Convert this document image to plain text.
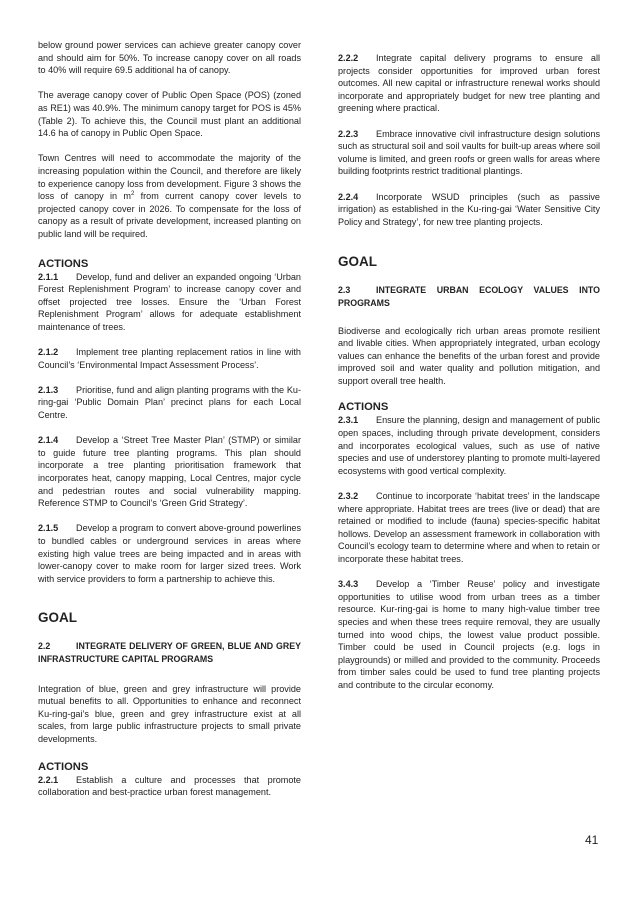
below ground power services can achieve greater canopy cover and should aim for 50%. To increase canopy cover on all roads to 40% will require 69.5 additional ha of canopy.

The average canopy cover of Public Open Space (POS) (zoned as RE1) was 40.9%. The minimum canopy target for POS is 45% (Table 2). To achieve this, the Council must plant an additional 14.6 ha of canopy in Public Open Space.

Town Centres will need to accommodate the majority of the increasing population within the Council, and therefore are likely to experience canopy loss from development. Figure 3 shows the loss of canopy in $m^2$ from current canopy cover levels to projected canopy cover in 2026. To compensate for the loss of canopy as a result of private development, increased planting on public land will be required.

ACTIONS

2.1.1 Develop, fund and deliver an expanded ongoing ‘Urban Forest Replenishment Program’ to increase canopy cover and offset projected tree losses. Ensure the ‘Urban Forest Replenishment Program’ allows for adequate establishment maintenance of trees.

2.1.2 Implement tree planting replacement ratios in line with Council’s ‘Environmental Impact Assessment Process’.

2.1.3 Prioritise, fund and align planting programs with the Ku-ring-gai ‘Public Domain Plan’ precinct plans for each Local Centre.

2.1.4 Develop a ‘Street Tree Master Plan’ (STMP) or similar to guide future tree planting programs. This plan should incorporate a tree planting prioritisation framework that incorporates heat, canopy mapping, Local Centres, major cycle and pedestrian routes and social vulnerability mapping. Reference STMP to Council’s ‘Green Grid Strategy’.

2.1.5 Develop a program to convert above-ground powerlines to bundled cables or underground services in areas where existing high value trees are being impacted and in areas with lower-canopy cover to make room for larger sized trees. Work with service providers to form a partnership to achieve this.

GOAL

2.2	INTEGRATE DELIVERY OF GREEN, BLUE AND GREY INFRASTRUCTURE CAPITAL PROGRAMS

Integration of blue, green and grey infrastructure will provide mutual benefits to all. Opportunities to enhance and reconnect Ku-ring-gai’s blue, green and grey infrastructure exist at all scales, from large public infrastructure projects to small private developments.

ACTIONS

2.2.1 Establish a culture and processes that promote collaboration and best-practice urban forest management.

2.2.2 Integrate capital delivery programs to ensure all projects consider opportunities for improved urban forest outcomes. All new capital or infrastructure renewal works should incorporate and appropriately budget for new tree planting and greening where practical.

2.2.3 Embrace innovative civil infrastructure design solutions such as structural soil and soil vaults for built-up areas where soil volume is limited, and green roofs or green walls for areas where building footprints restrict traditional plantings.

2.2.4 Incorporate WSUD principles (such as passive irrigation) as established in the Ku-ring-gai ‘Water Sensitive City Policy and Strategy’, for new tree planting projects.

GOAL

2.3	INTEGRATE URBAN ECOLOGY VALUES INTO PROGRAMS

Biodiverse and ecologically rich urban areas promote resilient and livable cities. When appropriately integrated, urban ecology values can enhance the benefits of the urban forest and provide improved soil and water quality and pollution mitigation, and support overall tree health.

ACTIONS

2.3.1 Ensure the planning, design and management of public open spaces, including through private development, considers and incorporates ecological values, such as use of native species and use of understorey planting to promote multi-layered ecosystems with good vertical complexity.

2.3.2 Continue to incorporate ‘habitat trees’ in the landscape where appropriate. Habitat trees are trees (live or dead) that are retained or modified to include (fauna) species-specific habitat hollows. Develop an assessment framework in collaboration with Council’s ecology team to determine where and when to retain or incorporate these habitat trees.

3.4.3 Develop a ‘Timber Reuse’ policy and investigate opportunities to utilise wood from urban trees as a timber resource. Kur-ring-gai is home to many high-value timber tree species and when these trees require removal, they are usually turned into wood chips, the lowest value product possible. Timber could be used in Council projects (e.g. logs in playgrounds) or milled and provided to the community. Proceeds from timber sales could be used to fund tree planting projects and contribute to the circular economy.

41
